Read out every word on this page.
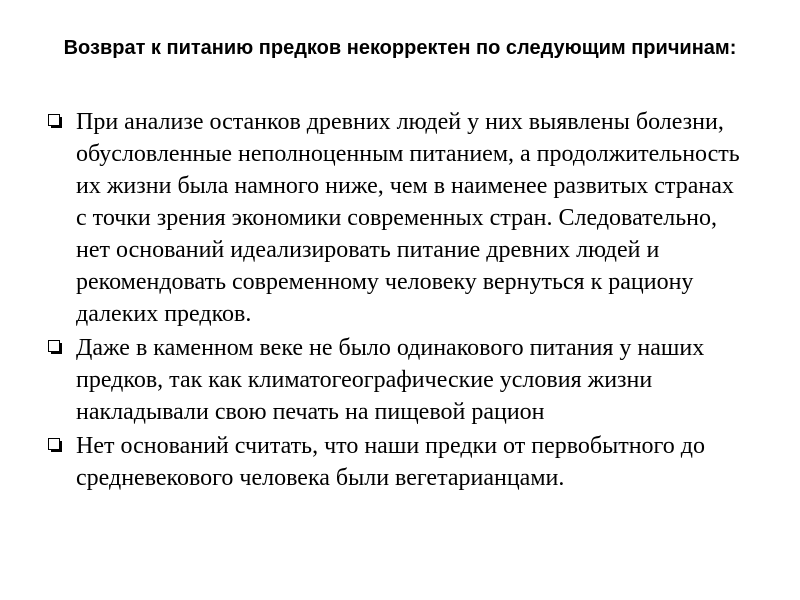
Возврат к питанию предков некорректен по следующим причинам:
При анализе останков древних людей у них выявлены болезни, обусловленные неполноценным питанием, а продолжительность их жизни была намного ниже, чем в наименее развитых странах с точки зрения экономики современных стран. Следовательно, нет оснований идеализировать питание древних людей и рекомендовать современному человеку вернуться к рациону далеких предков.
Даже в каменном веке не было одинакового питания у наших предков, так как климатогеографические условия жизни накладывали свою печать на пищевой рацион
Нет оснований считать, что наши предки от первобытного до средневекового человека были вегетарианцами.
